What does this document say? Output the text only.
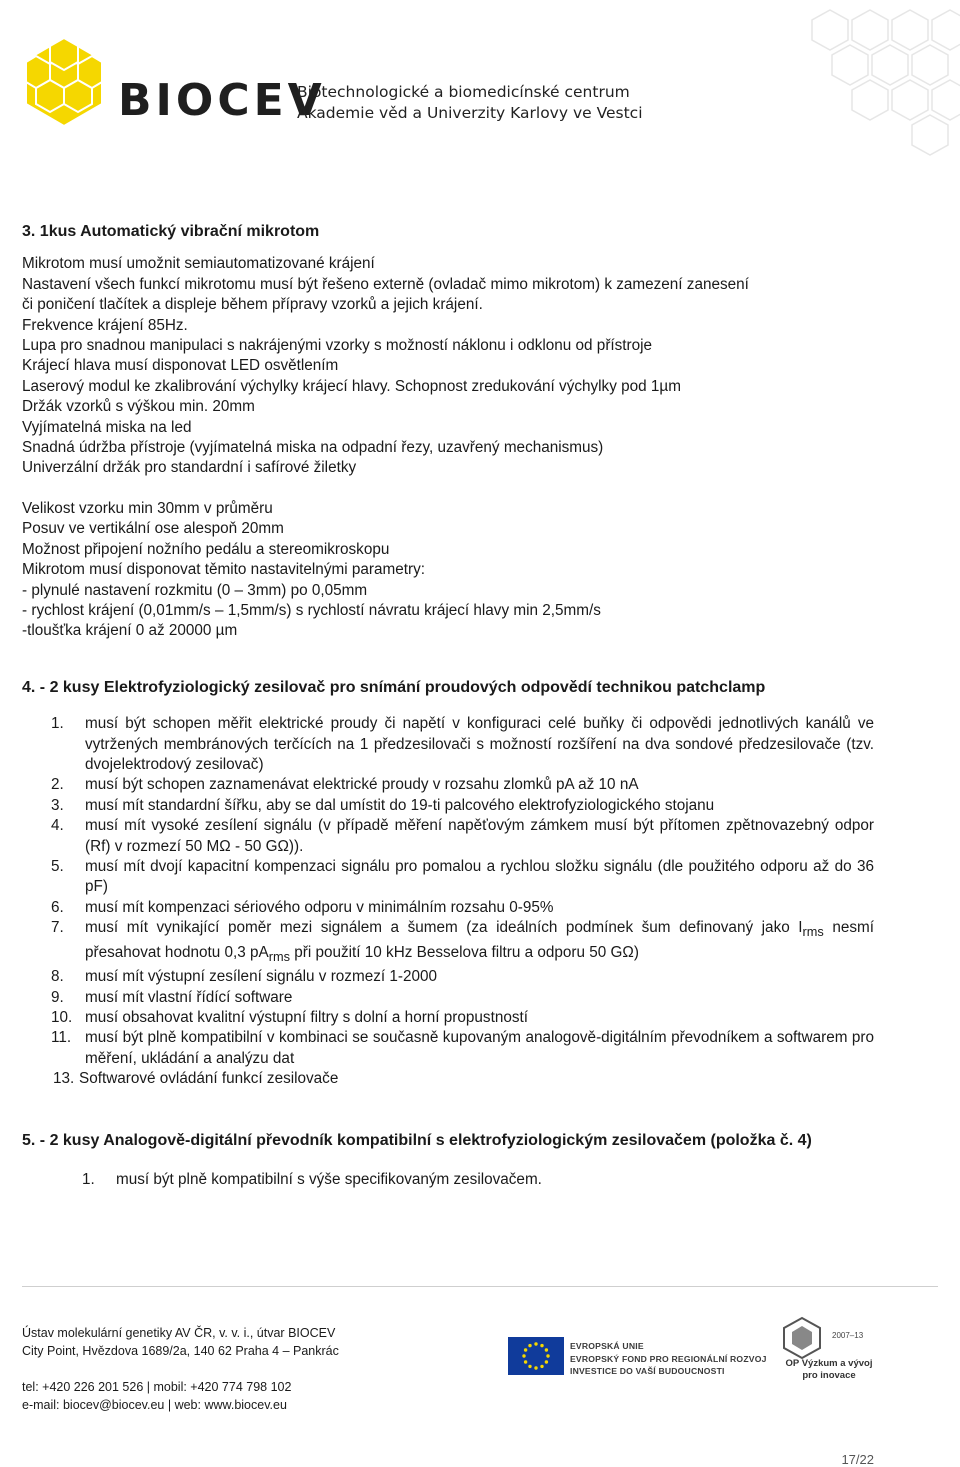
BIOCEV
Biotechnologické a biomedicínské centrum
Akademie věd a Univerzity Karlovy ve Vestci
3. 1kus Automatický vibrační mikrotom
Mikrotom musí umožnit semiautomatizované krájení
Nastavení všech funkcí mikrotomu musí být řešeno externě (ovladač mimo mikrotom) k zamezení zanesení
či poničení tlačítek a displeje během přípravy vzorků a jejich krájení.
Frekvence krájení 85Hz.
Lupa pro snadnou manipulaci s nakrájenými vzorky s možností náklonu i odklonu od přístroje
Krájecí hlava musí disponovat LED osvětlením
Laserový modul ke zkalibrování výchylky krájecí hlavy. Schopnost zredukování výchylky pod 1µm
Držák vzorků s výškou min. 20mm
Vyjímatelná miska na led
Snadná údržba přístroje (vyjímatelná miska na odpadní řezy, uzavřený mechanismus)
Univerzální držák pro standardní i safírové žiletky
Velikost vzorku min 30mm v průměru
Posuv ve vertikální ose alespoň 20mm
Možnost připojení nožního pedálu a stereomikroskopu
Mikrotom musí disponovat těmito nastavitelnými parametry:
- plynulé nastavení rozkmitu (0 – 3mm) po 0,05mm
- rychlost krájení (0,01mm/s – 1,5mm/s) s rychlostí návratu krájecí hlavy min 2,5mm/s
-tloušťka krájení 0 až 20000 µm
4. - 2 kusy Elektrofyziologický zesilovač pro snímání proudových odpovědí technikou patchclamp
1.	musí být schopen měřit elektrické proudy či napětí v konfiguraci celé buňky či odpovědi jednotlivých kanálů ve vytržených membránových terčících na 1 předzesilovači s možností rozšíření na dva sondové předzesilovače (tzv. dvojelektrodový zesilovač)
2.	musí být schopen zaznamenávat elektrické proudy v rozsahu zlomků pA až 10 nA
3.	musí mít standardní šířku, aby se dal umístit do 19-ti palcového elektrofyziologického stojanu
4.	musí mít vysoké zesílení signálu (v případě měření napěťovým zámkem musí být přítomen zpětnovazebný odpor (Rf) v rozmezí 50 MΩ - 50 GΩ)).
5.	musí mít dvojí kapacitní kompenzaci signálu pro pomalou a rychlou složku signálu (dle použitého odporu až do 36 pF)
6.	musí mít kompenzaci sériového odporu v minimálním rozsahu 0-95%
7.	musí mít vynikající poměr mezi signálem a šumem (za ideálních podmínek šum definovaný jako $I_{rms}$ nesmí přesahovat hodnotu 0,3 $pA_{rms}$ při použití 10 kHz Besselova filtru a odporu 50 GΩ)
8.	musí mít výstupní zesílení signálu v rozmezí 1-2000
9.	musí mít vlastní řídící software
10. musí obsahovat kvalitní výstupní filtry s dolní a horní propustností
11. musí být plně kompatibilní v kombinaci se současně kupovaným analogově-digitálním převodníkem a softwarem pro měření, ukládání a analýzu dat
13. Softwarové ovládání funkcí zesilovače
5. - 2 kusy Analogově-digitální převodník kompatibilní s elektrofyziologickým zesilovačem (položka č. 4)
1. musí být plně kompatibilní s výše specifikovaným zesilovačem.
Ústav molekulární genetiky AV ČR, v. v. i., útvar BIOCEV
City Point, Hvězdova 1689/2a, 140 62 Praha 4 – Pankrác
tel: +420 226 201 526 | mobil: +420 774 798 102
e-mail: biocev@biocev.eu | web: www.biocev.eu
EVROPSKÁ UNIE
EVROPSKÝ FOND PRO REGIONÁLNÍ ROZVOJ
INVESTICE DO VAŠÍ BUDOUCNOSTI
2007–13
OP Výzkum a vývoj
pro inovace
17/22
